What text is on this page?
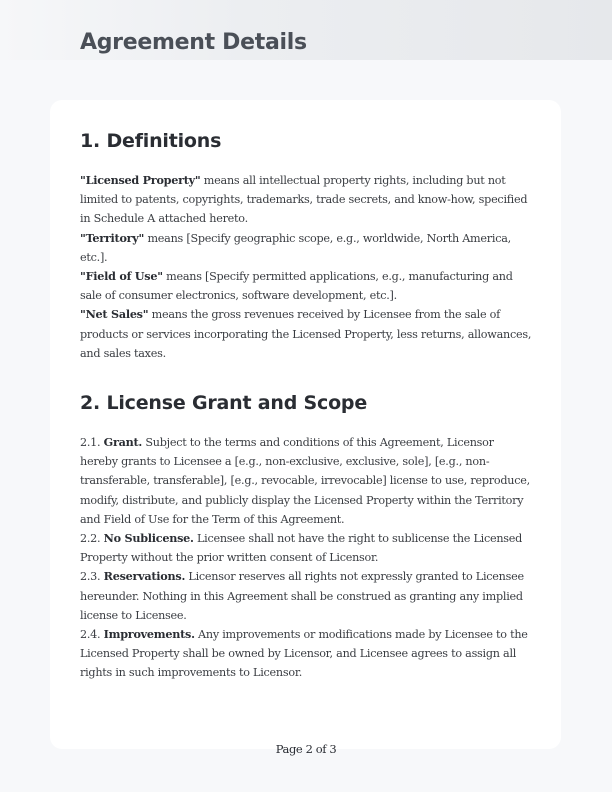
Agreement Details
1. Definitions

"Licensed Property" means all intellectual property rights, including but not limited to patents, copyrights, trademarks, trade secrets, and know-how, specified in Schedule A attached hereto.

"Territory" means [Specify geographic scope, e.g., worldwide, North America, etc.].

"Field of Use" means [Specify permitted applications, e.g., manufacturing and sale of consumer electronics, software development, etc.].

"Net Sales" means the gross revenues received by Licensee from the sale of products or services incorporating the Licensed Property, less returns, allowances, and sales taxes.

2. License Grant and Scope

2.1. Grant. Subject to the terms and conditions of this Agreement, Licensor hereby grants to Licensee a [e.g., non-exclusive, exclusive, sole], [e.g., non-transferable, transferable], [e.g., revocable, irrevocable] license to use, reproduce, modify, distribute, and publicly display the Licensed Property within the Territory and Field of Use for the Term of this Agreement.

2.2. No Sublicense. Licensee shall not have the right to sublicense the Licensed Property without the prior written consent of Licensor.

2.3. Reservations. Licensor reserves all rights not expressly granted to Licensee hereunder. Nothing in this Agreement shall be construed as granting any implied license to Licensee.

2.4. Improvements. Any improvements or modifications made by Licensee to the Licensed Property shall be owned by Licensor, and Licensee agrees to assign all rights in such improvements to Licensor.

Page 2 of 3
